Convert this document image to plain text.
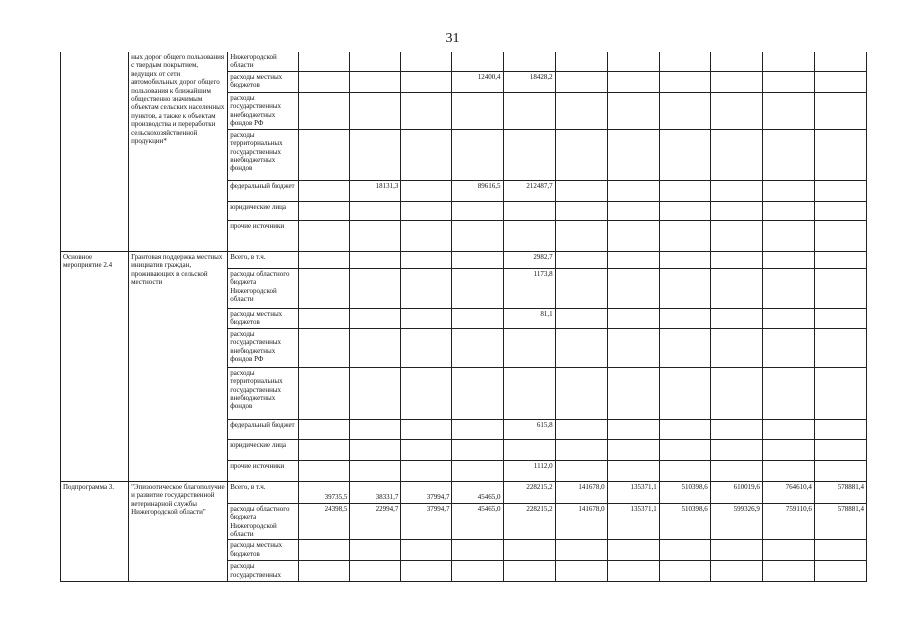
31
	ных дорог общего пользования с твердым покрытием, ведущих от сети автомобильных дорог общего пользования к ближайшим общественно значимым объектам сельских населенных пунктов, а также к объектам производства и переработки сельскохозяйственной продукции*	Нижегородской области											
		расходы местных бюджетов				12400,4	18428,2						
		расходы государственных внебюджетных фондов РФ											
		расходы территориальных государственных внебюджетных фондов											
		федеральный бюджет		18131,3		89616,5	212487,7						
		юридические лица											
		прочие источники											
Основное мероприятие 2.4	Грантовая поддержка местных инициатив граждан, проживающих в сельской местности	Всего, в т.ч.					2982,7						
		расходы областного бюджета Нижегородской области					1173,8						
		расходы местных бюджетов					81,1						
		расходы государственных внебюджетных фондов РФ											
		расходы территориальных государственных внебюджетных фондов											
		федеральный бюджет					615,8						
		юридические лица											
		прочие источники					1112,0						
Подпрограмма 3.	"Эпизоотическое благополучие и развитие государственной ветеринарной службы Нижегородской области"	Всего, в т.ч.	39735,5	38331,7	37994,7	45465,0	228215,2	141678,0	135371,1	510398,6	610019,6	764610,4	578881,4
		расходы областного бюджета Нижегородской области	24398,5	22994,7	37994,7	45465,0	228215,2	141678,0	135371,1	510398,6	599326,9	759110,6	578881,4
		расходы местных бюджетов											
		расходы государственных											
